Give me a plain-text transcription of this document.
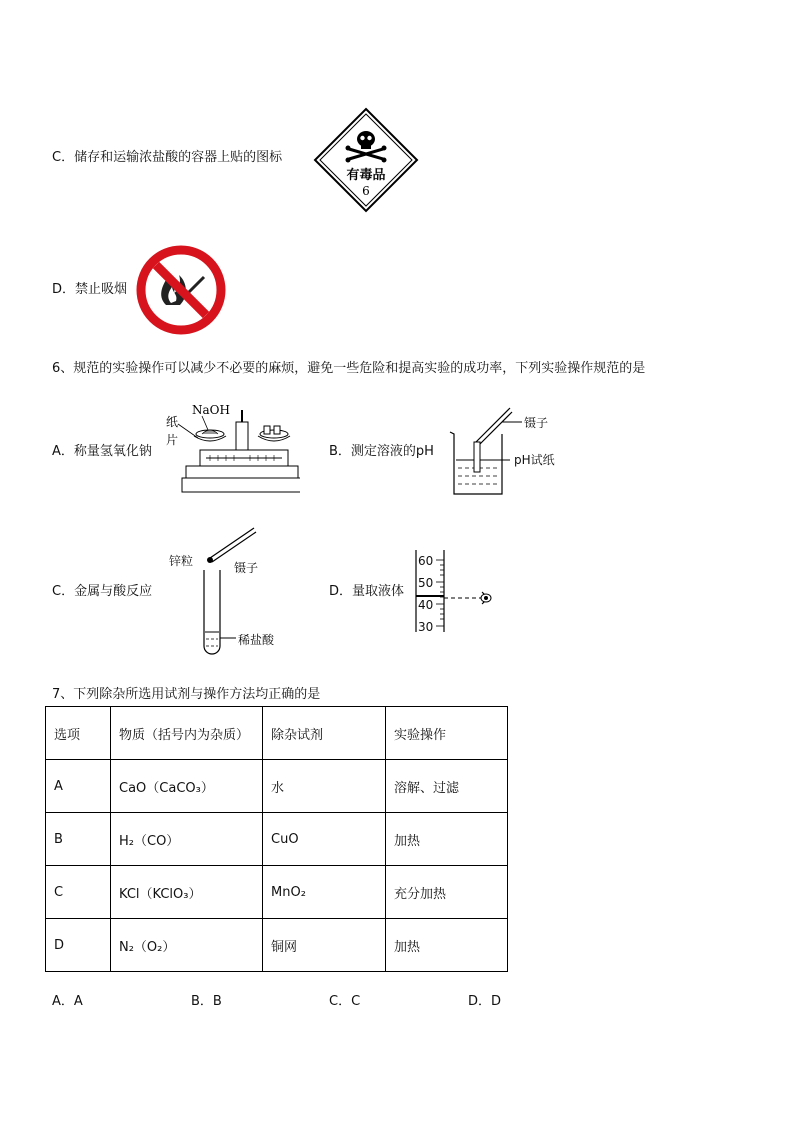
C．储存和运输浓盐酸的容器上贴的图标
有毒品
6
D．禁止吸烟
6、规范的实验操作可以减少不必要的麻烦，避免一些危险和提高实验的成功率，下列实验操作规范的是
A．称量氢氧化钠
纸
片
NaOH
B．测定溶液的pH
镊子
pH试纸
C．金属与酸反应
锌粒	镊子
稀盐酸
D．量取液体
60
50
40
30
7、下列除杂所选用试剂与操作方法均正确的是
选项	物质（括号内为杂质）	除杂试剂	实验操作
A	CaO（CaCO₃）	水	溶解、过滤
B	H₂（CO）	CuO	加热
C	KCl（KClO₃）	MnO₂	充分加热
D	N₂（O₂）	铜网	加热
A．A	B．B	C．C	D．D
